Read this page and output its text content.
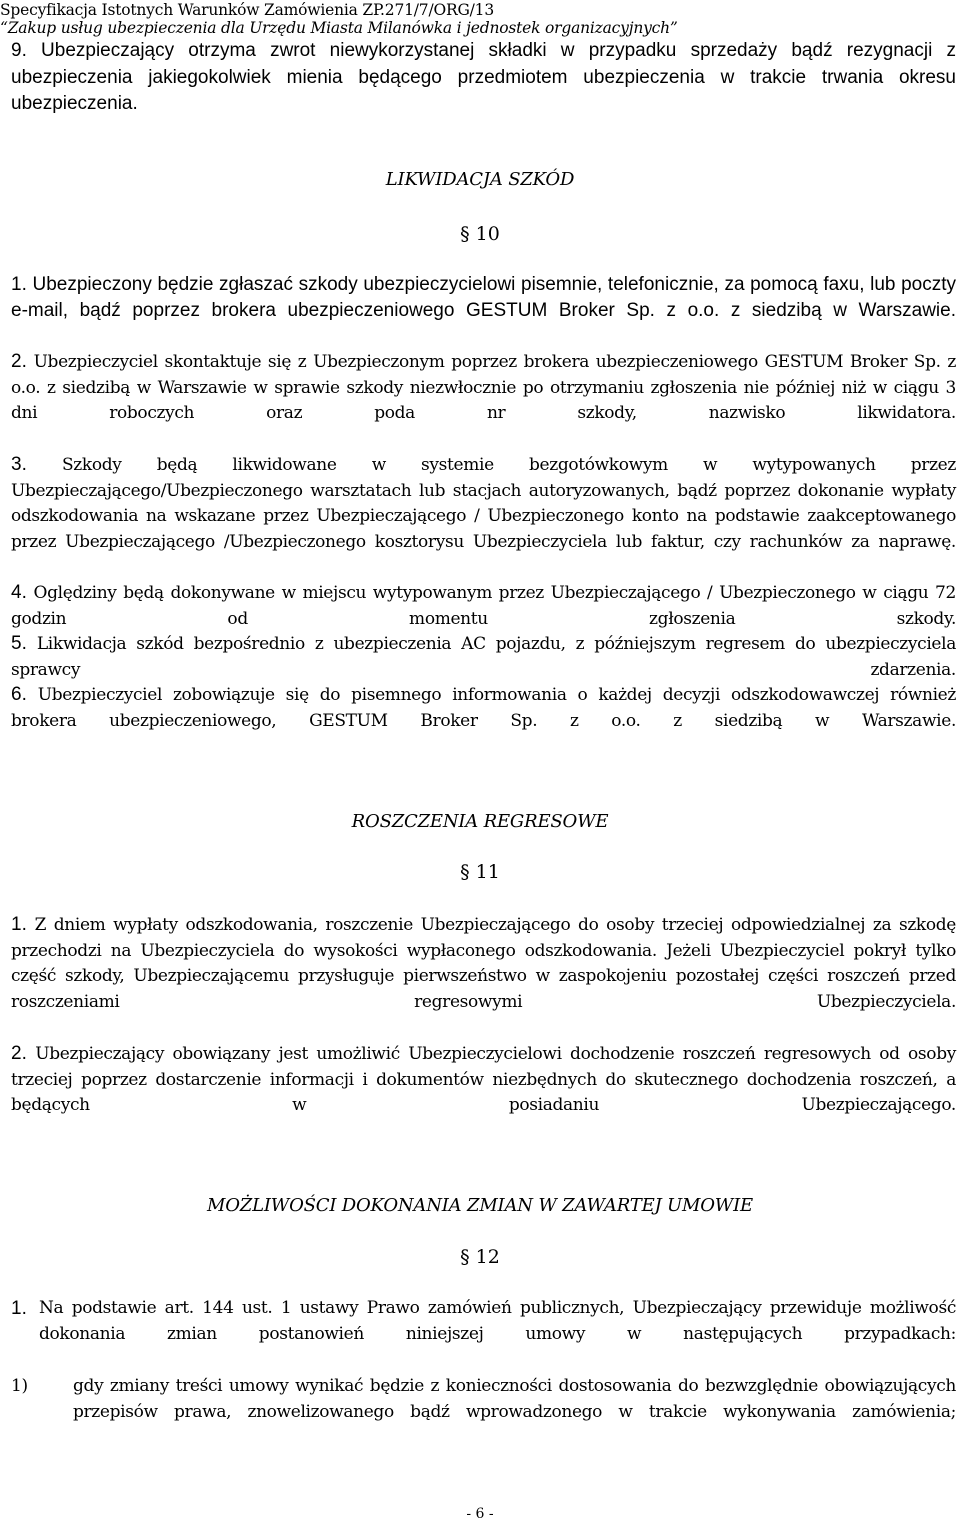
Specyfikacja Istotnych Warunków Zamówienia ZP.271/7/ORG/13
“Zakup usług ubezpieczenia dla Urzędu Miasta Milanówka i jednostek organizacyjnych”
9. Ubezpieczający otrzyma zwrot niewykorzystanej składki w przypadku sprzedaży bądź rezygnacji z ubezpieczenia jakiegokolwiek mienia będącego przedmiotem ubezpieczenia w trakcie trwania okresu ubezpieczenia.
LIKWIDACJA SZKÓD
§ 10
1. Ubezpieczony będzie zgłaszać szkody ubezpieczycielowi pisemnie, telefonicznie, za pomocą faxu, lub poczty e-mail, bądź poprzez brokera ubezpieczeniowego GESTUM Broker Sp. z o.o. z siedzibą w Warszawie.
2. Ubezpieczyciel skontaktuje się z Ubezpieczonym poprzez brokera ubezpieczeniowego GESTUM Broker Sp. z o.o. z siedzibą w Warszawie w sprawie szkody niezwłocznie po otrzymaniu zgłoszenia nie później niż w ciągu 3 dni roboczych oraz poda nr szkody, nazwisko likwidatora.
3. Szkody będą likwidowane w systemie bezgotówkowym w wytypowanych przez Ubezpieczającego/Ubezpieczonego warsztatach lub stacjach autoryzowanych, bądź poprzez dokonanie wypłaty odszkodowania na wskazane przez Ubezpieczającego / Ubezpieczonego konto na podstawie zaakceptowanego przez Ubezpieczającego /Ubezpieczonego kosztorysu Ubezpieczyciela lub faktur, czy rachunków za naprawę.
4. Oględziny będą dokonywane w miejscu wytypowanym przez Ubezpieczającego / Ubezpieczonego w ciągu 72 godzin od momentu zgłoszenia szkody.
5. Likwidacja szkód bezpośrednio z ubezpieczenia AC pojazdu, z późniejszym regresem do ubezpieczyciela sprawcy zdarzenia.
6. Ubezpieczyciel zobowiązuje się do pisemnego informowania o każdej decyzji odszkodowawczej również brokera ubezpieczeniowego, GESTUM Broker Sp. z o.o. z siedzibą w Warszawie.
ROSZCZENIA REGRESOWE
§ 11
1. Z dniem wypłaty odszkodowania, roszczenie Ubezpieczającego do osoby trzeciej odpowiedzialnej za szkodę przechodzi na Ubezpieczyciela do wysokości wypłaconego odszkodowania. Jeżeli Ubezpieczyciel pokrył tylko część szkody, Ubezpieczającemu przysługuje pierwszeństwo w zaspokojeniu pozostałej części roszczeń przed roszczeniami regresowymi Ubezpieczyciela.
2. Ubezpieczający obowiązany jest umożliwić Ubezpieczycielowi dochodzenie roszczeń regresowych od osoby trzeciej poprzez dostarczenie informacji i dokumentów niezbędnych do skutecznego dochodzenia roszczeń, a będących w posiadaniu Ubezpieczającego.
MOŻLIWOŚCI DOKONANIA ZMIAN W ZAWARTEJ UMOWIE
§ 12
1. Na podstawie art. 144 ust. 1 ustawy Prawo zamówień publicznych, Ubezpieczający przewiduje możliwość dokonania zmian postanowień niniejszej umowy w następujących przypadkach:
1)	gdy zmiany treści umowy wynikać będzie z konieczności dostosowania do bezwzględnie obowiązujących przepisów prawa, znowelizowanego bądź wprowadzonego w trakcie wykonywania zamówienia;
- 6 -
